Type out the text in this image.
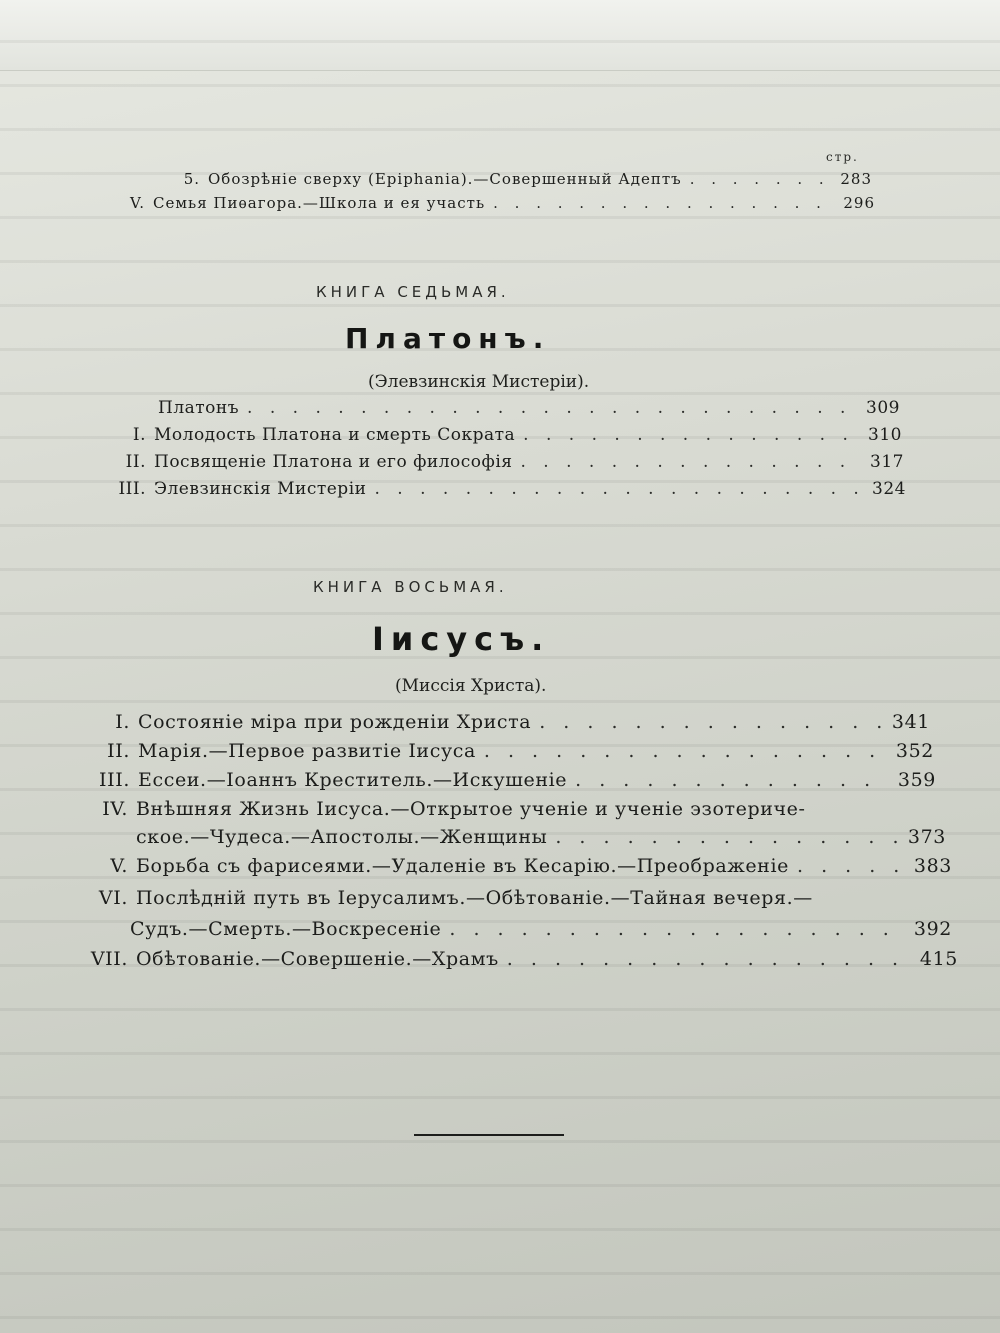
стр.
5. Обозрѣніе сверху (Epiphania).—Совершенный Адептъ . . .	283
V. Семья Пиѳагора.—Школа и ея участь . . .	296
КНИГА СЕДЬМАЯ.
Платонъ.
(Элевзинскія Мистеріи).
Платонъ . . .	309
I. Молодость Платона и смерть Сократа . . .	310
II. Посвященіе Платона и его философія . . .	317
III. Элевзинскія Мистеріи . . .	324
КНИГА ВОСЬМАЯ.
Іисусъ.
(Миссія Христа).
I. Состояніе міра при рожденіи Христа . . .	341
II. Марія.—Первое развитіе Іисуса . . .	352
III. Ессеи.—Іоаннъ Креститель.—Искушеніе . . .	359
IV. Внѣшняя Жизнь Іисуса.—Открытое ученіе и ученіе эзотериче-
ское.—Чудеса.—Апостолы.—Женщины . . .	373
V. Борьба съ фарисеями.—Удаленіе въ Кесарію.—Преображеніе . . .	383
VI. Послѣдній путь въ Іерусалимъ.—Обѣтованіе.—Тайная вечеря.—
Судъ.—Смерть.—Воскресеніе . . .	392
VII. Обѣтованіе.—Совершеніе.—Храмъ . . .	415
